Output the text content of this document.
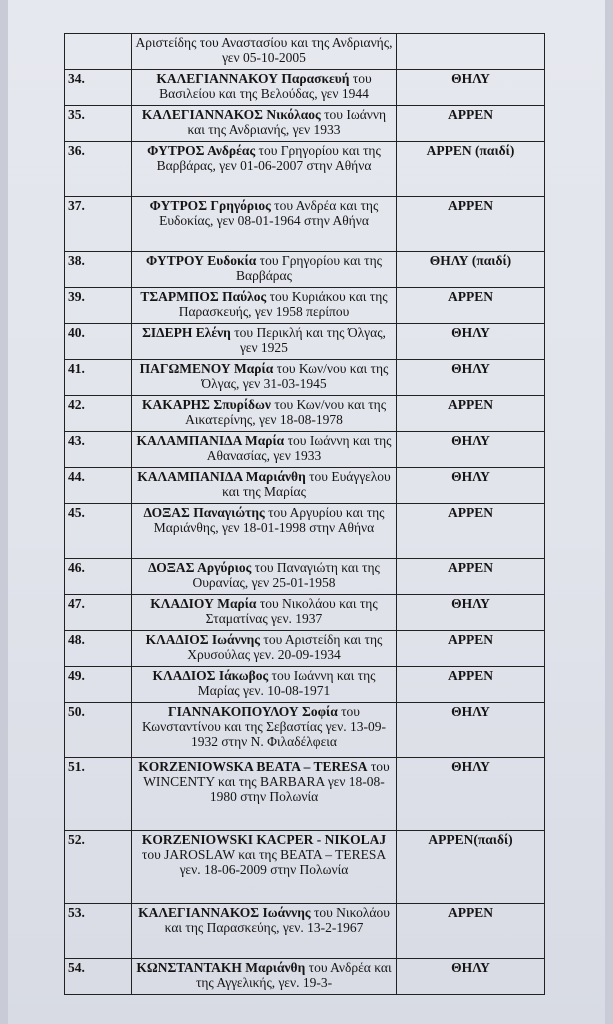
	Αριστείδης του Αναστασίου και της Ανδριανής, γεν 05-10-2005	
34.	ΚΑΛΕΓΙΑΝΝΑΚΟΥ Παρασκευή του Βασιλείου και της Βελούδας, γεν 1944	ΘΗΛΥ
35.	ΚΑΛΕΓΙΑΝΝΑΚΟΣ Νικόλαος του Ιωάννη και της Ανδριανής, γεν 1933	ΑΡΡΕΝ
36.	ΦΥΤΡΟΣ Ανδρέας του Γρηγορίου και της Βαρβάρας, γεν 01-06-2007 στην Αθήνα	ΑΡΡΕΝ (παιδί)
37.	ΦΥΤΡΟΣ Γρηγόριος του Ανδρέα και της Ευδοκίας, γεν 08-01-1964 στην Αθήνα	ΑΡΡΕΝ
38.	ΦΥΤΡΟΥ Ευδοκία του Γρηγορίου και της Βαρβάρας	ΘΗΛΥ (παιδί)
39.	ΤΣΑΡΜΠΟΣ Παύλος του Κυριάκου και της Παρασκευής, γεν 1958 περίπου	ΑΡΡΕΝ
40.	ΣΙΔΕΡΗ Ελένη του Περικλή και της Όλγας, γεν 1925	ΘΗΛΥ
41.	ΠΑΓΩΜΕΝΟΥ Μαρία του Κων/νου και της Όλγας, γεν 31-03-1945	ΘΗΛΥ
42.	ΚΑΚΑΡΗΣ Σπυρίδων του Κων/νου και της Αικατερίνης, γεν 18-08-1978	ΑΡΡΕΝ
43.	ΚΑΛΑΜΠΑΝΙΔΑ Μαρία του Ιωάννη και της Αθανασίας, γεν 1933	ΘΗΛΥ
44.	ΚΑΛΑΜΠΑΝΙΔΑ Μαριάνθη του Ευάγγελου και της Μαρίας	ΘΗΛΥ
45.	ΔΟΞΑΣ Παναγιώτης του Αργυρίου και της Μαριάνθης, γεν 18-01-1998 στην Αθήνα	ΑΡΡΕΝ
46.	ΔΟΞΑΣ Αργύριος του Παναγιώτη και της Ουρανίας, γεν 25-01-1958	ΑΡΡΕΝ
47.	ΚΛΑΔΙΟΥ Μαρία του Νικολάου και της Σταματίνας γεν. 1937	ΘΗΛΥ
48.	ΚΛΑΔΙΟΣ Ιωάννης του Αριστείδη και της Χρυσούλας γεν. 20-09-1934	ΑΡΡΕΝ
49.	ΚΛΑΔΙΟΣ Ιάκωβος του Ιωάννη και της Μαρίας γεν. 10-08-1971	ΑΡΡΕΝ
50.	ΓΙΑΝΝΑΚΟΠΟΥΛΟΥ Σοφία του Κωνσταντίνου και της Σεβαστίας γεν. 13-09-1932 στην Ν. Φιλαδέλφεια	ΘΗΛΥ
51.	KORZENIOWSKA BEATA – TERESA του WINCENTY και της BARBARA γεν 18-08-1980 στην Πολωνία	ΘΗΛΥ
52.	KORZENIOWSKI KACPER - NIKOLAJ του JAROSLAW και της BEATA – TERESA γεν. 18-06-2009 στην Πολωνία	ΑΡΡΕΝ(παιδί)
53.	ΚΑΛΕΓΙΑΝΝΑΚΟΣ Ιωάννης του Νικολάου και της Παρασκεύης, γεν. 13-2-1967	ΑΡΡΕΝ
54.	ΚΩΝΣΤΑΝΤΑΚΗ Μαριάνθη του Ανδρέα και της Αγγελικής, γεν. 19-3-	ΘΗΛΥ
